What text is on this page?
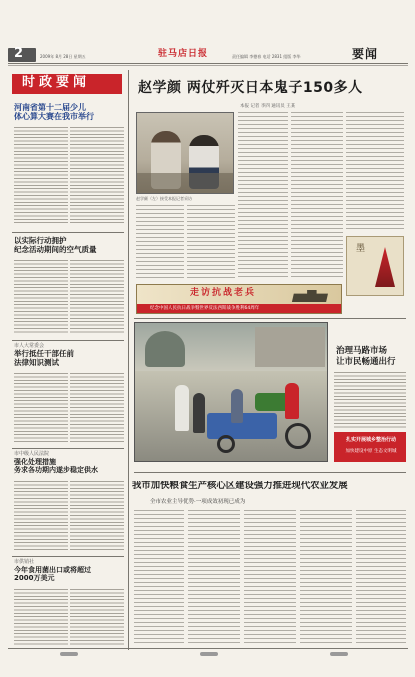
2	2009年 8月 28日 星期五	驻马店日报	责任编辑 李德春 电话 2831 组版 李华	要闻
时政要闻
河南省第十二届少儿
体心算大赛在我市举行
以实际行动拥护
纪念活动期间的空气质量
市人大常委会
举行抵任干部任前
法律知识测试
市中级人民法院
强化处理措施
务求各功期内遂步稳定供水
市供销社
今年食用菌出口或将超过
2000万美元
赵学颜 两仗歼灭日本鬼子150多人
本报 记者 李四 通讯员 王某
赵学颜（左）接受本报记者采访
墨
走访抗战老兵
纪念中国人民抗日战争暨世界反法西斯战争胜利64周年
治理马路市场
让市民畅通出行
扎实开展城乡整治行动
加快建设中原 生态文明城
我市加快粮食生产核心区建设强力推进现代农业发展
全市农业主导优势·一项成效初现已成为
